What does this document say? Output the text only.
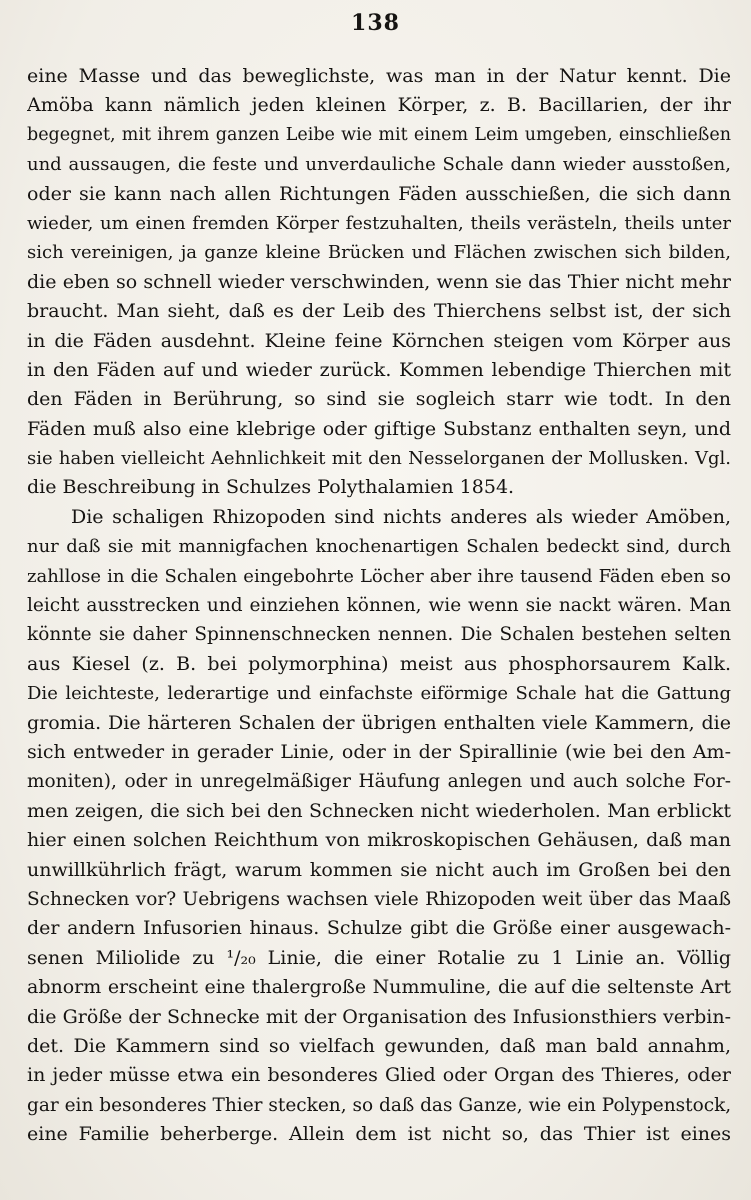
138
eine Masse und das beweglichste, was man in der Natur kennt. Die
Amöba kann nämlich jeden kleinen Körper, z. B. Bacillarien, der ihr
begegnet, mit ihrem ganzen Leibe wie mit einem Leim umgeben, einschließen
und aussaugen, die feste und unverdauliche Schale dann wieder ausstoßen,
oder sie kann nach allen Richtungen Fäden ausschießen, die sich dann
wieder, um einen fremden Körper festzuhalten, theils verästeln, theils unter
sich vereinigen, ja ganze kleine Brücken und Flächen zwischen sich bilden,
die eben so schnell wieder verschwinden, wenn sie das Thier nicht mehr
braucht. Man sieht, daß es der Leib des Thierchens selbst ist, der sich
in die Fäden ausdehnt. Kleine feine Körnchen steigen vom Körper aus
in den Fäden auf und wieder zurück. Kommen lebendige Thierchen mit
den Fäden in Berührung, so sind sie sogleich starr wie todt. In den
Fäden muß also eine klebrige oder giftige Substanz enthalten seyn, und
sie haben vielleicht Aehnlichkeit mit den Nesselorganen der Mollusken. Vgl.
die Beschreibung in Schulzes Polythalamien 1854.
Die schaligen Rhizopoden sind nichts anderes als wieder Amöben,
nur daß sie mit mannigfachen knochenartigen Schalen bedeckt sind, durch
zahllose in die Schalen eingebohrte Löcher aber ihre tausend Fäden eben so
leicht ausstrecken und einziehen können, wie wenn sie nackt wären. Man
könnte sie daher Spinnenschnecken nennen. Die Schalen bestehen selten
aus Kiesel (z. B. bei polymorphina) meist aus phosphorsaurem Kalk.
Die leichteste, lederartige und einfachste eiförmige Schale hat die Gattung
gromia. Die härteren Schalen der übrigen enthalten viele Kammern, die
sich entweder in gerader Linie, oder in der Spirallinie (wie bei den Am-
moniten), oder in unregelmäßiger Häufung anlegen und auch solche For-
men zeigen, die sich bei den Schnecken nicht wiederholen. Man erblickt
hier einen solchen Reichthum von mikroskopischen Gehäusen, daß man
unwillkührlich frägt, warum kommen sie nicht auch im Großen bei den
Schnecken vor? Uebrigens wachsen viele Rhizopoden weit über das Maaß
der andern Infusorien hinaus. Schulze gibt die Größe einer ausgewach-
senen Miliolide zu ¹/₂₀ Linie, die einer Rotalie zu 1 Linie an. Völlig
abnorm erscheint eine thalergroße Nummuline, die auf die seltenste Art
die Größe der Schnecke mit der Organisation des Infusionsthiers verbin-
det. Die Kammern sind so vielfach gewunden, daß man bald annahm,
in jeder müsse etwa ein besonderes Glied oder Organ des Thieres, oder
gar ein besonderes Thier stecken, so daß das Ganze, wie ein Polypenstock,
eine Familie beherberge. Allein dem ist nicht so, das Thier ist eines
